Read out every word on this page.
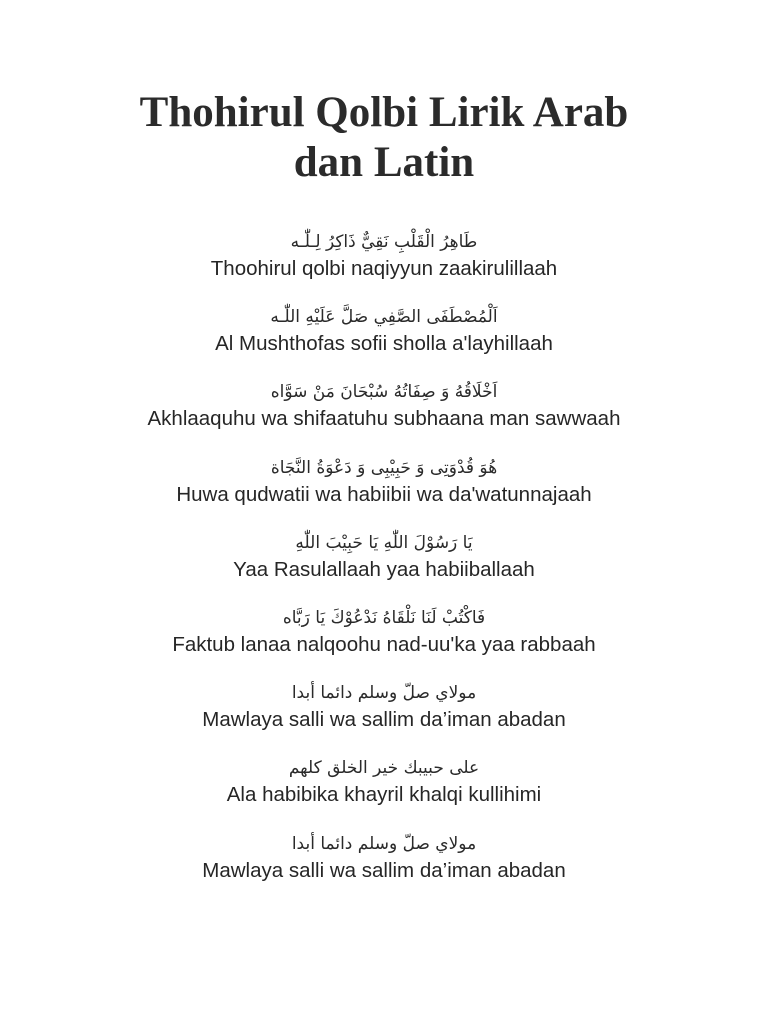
Thohirul Qolbi Lirik Arab
dan Latin
طَاهِرُ الْقَلْبِ نَقِيٌّ ذَاكِرُ لِـلّٰـه
Thoohirul qolbi naqiyyun zaakirulillaah
اَلْمُصْطَفَى الصَّفِي صَلَّ عَلَيْهِ اللّٰـه
Al Mushthofas sofii sholla a'layhillaah
اَخْلَاقُهُ وَ صِفَاتُهُ سُبْحَانَ مَنْ سَوَّاه
Akhlaaquhu wa shifaatuhu subhaana man sawwaah
هُوَ قُدْوَتِى وَ حَبِيْبِى وَ دَعْوَةُ النَّجَاة
Huwa qudwatii wa habiibii wa da'watunnajaah
يَا رَسُوْلَ اللّٰهِ يَا حَبِيْبَ اللّٰهِ
Yaa Rasulallaah yaa habiiballaah
فَاكْتُبْ لَنَا نَلْقَاهُ نَدْعُوْكَ يَا رَبَّاه
Faktub lanaa nalqoohu nad-uu'ka yaa rabbaah
مولاي صلّ وسلم دائما أبدا
Mawlaya salli wa sallim da’iman abadan
على حبيبك خير الخلق كلهم
Ala habibika khayril khalqi kullihimi
مولاي صلّ وسلم دائما أبدا
Mawlaya salli wa sallim da’iman abadan
